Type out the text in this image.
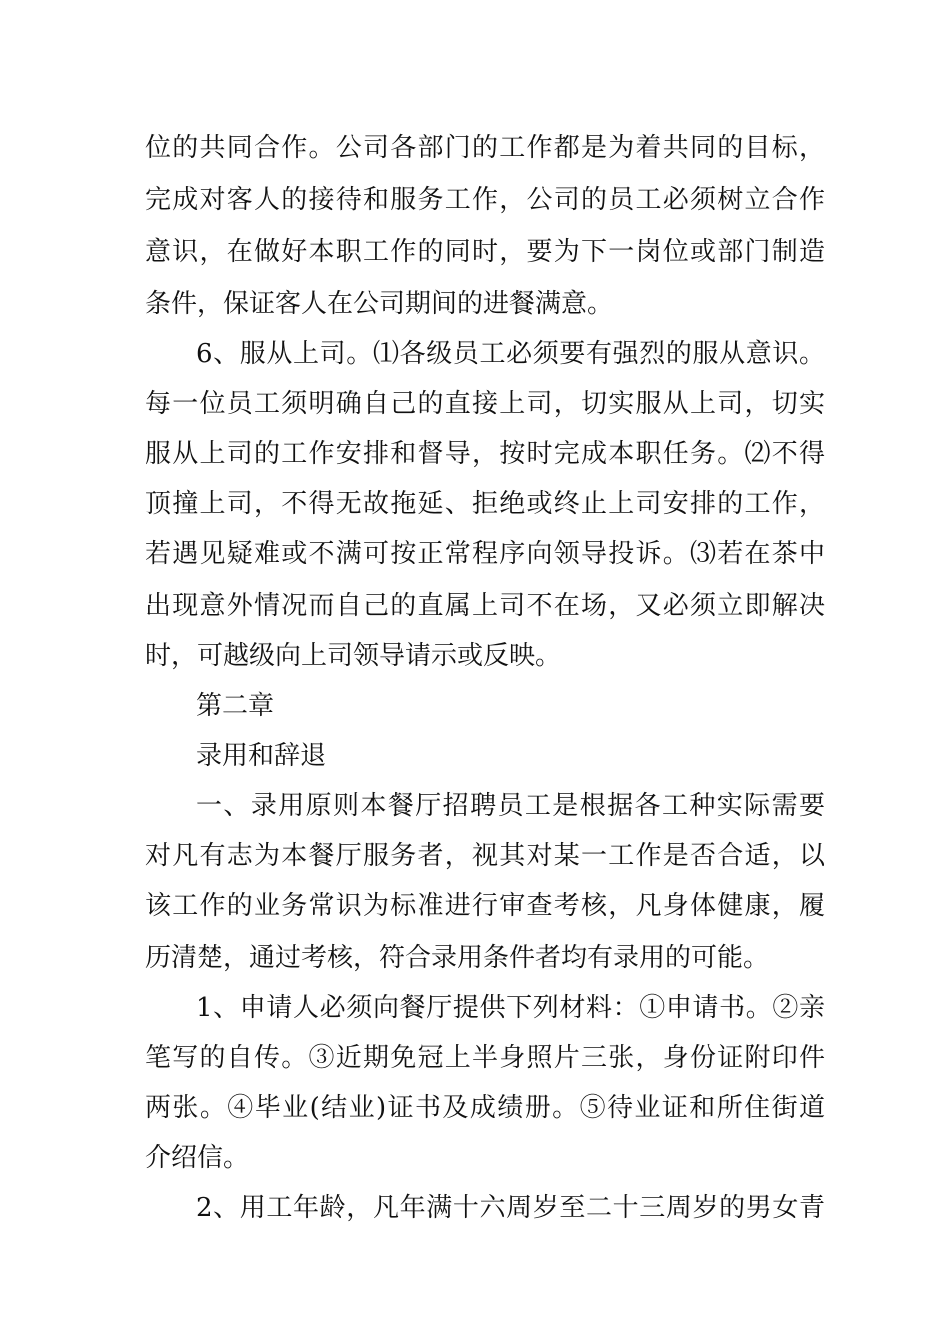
位的共同合作。公司各部门的工作都是为着共同的目标，
完成对客人的接待和服务工作，公司的员工必须树立合作
意识，在做好本职工作的同时，要为下一岗位或部门制造
条件，保证客人在公司期间的进餐满意。
6、服从上司。⑴各级员工必须要有强烈的服从意识。
每一位员工须明确自己的直接上司，切实服从上司，切实
服从上司的工作安排和督导，按时完成本职任务。⑵不得
顶撞上司，不得无故拖延、拒绝或终止上司安排的工作，
若遇见疑难或不满可按正常程序向领导投诉。⑶若在茶中
出现意外情况而自己的直属上司不在场，又必须立即解决
时，可越级向上司领导请示或反映。
第二章
录用和辞退
一、录用原则本餐厅招聘员工是根据各工种实际需要
对凡有志为本餐厅服务者，视其对某一工作是否合适，以
该工作的业务常识为标准进行审查考核，凡身体健康，履
历清楚，通过考核，符合录用条件者均有录用的可能。
1、申请人必须向餐厅提供下列材料：①申请书。②亲
笔写的自传。③近期免冠上半身照片三张，身份证附印件
两张。④毕业(结业)证书及成绩册。⑤待业证和所住街道
介绍信。
2、用工年龄，凡年满十六周岁至二十三周岁的男女青
